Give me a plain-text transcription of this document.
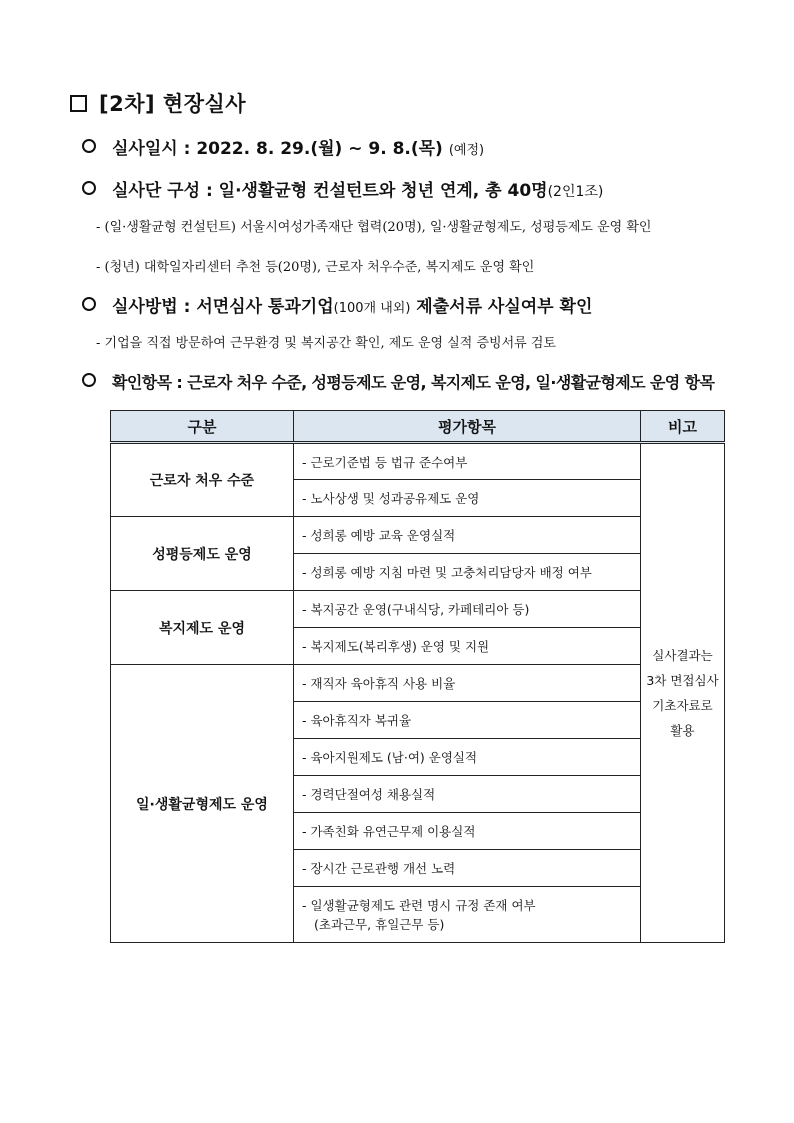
[2차] 현장실사
실사일시 : 2022. 8. 29.(월) ~ 9. 8.(목) (예정)
실사단 구성 : 일·생활균형 컨설턴트와 청년 연계, 총 40명 (2인1조)
- (일·생활균형 컨설턴트) 서울시여성가족재단 협력(20명), 일·생활균형제도, 성평등제도 운영 확인
- (청년) 대학일자리센터 추천 등(20명), 근로자 처우수준, 복지제도 운영 확인
실사방법 : 서면심사 통과기업 (100개 내외) 제출서류 사실여부 확인
- 기업을 직접 방문하여 근무환경 및 복지공간 확인, 제도 운영 실적 증빙서류 검토
확인항목 : 근로자 처우 수준, 성평등제도 운영, 복지제도 운영, 일·생활균형제도 운영 항목
구분	평가항목	비고
근로자 처우 수준	- 근로기준법 등 법규 준수여부	실사결과는
3차 면접심사
기초자료로
활용

	- 노사상생 및 성과공유제도 운영	
성평등제도 운영	- 성희롱 예방 교육 운영실적	
	- 성희롱 예방 지침 마련 및 고충처리담당자 배정 여부	
복지제도 운영	- 복지공간 운영(구내식당, 카페테리아 등)	
	- 복지제도(복리후생) 운영 및 지원	
일·생활균형제도 운영	- 재직자 육아휴직 사용 비율	
	- 육아휴직자 복귀율	
	- 육아지원제도 (남·여) 운영실적	
	- 경력단절여성 채용실적	
	- 가족친화 유연근무제 이용실적	
	- 장시간 근로관행 개선 노력	

	- 일생활균형제도 관련 명시 규정 존재 여부
(초과근무, 휴일근무 등)	
